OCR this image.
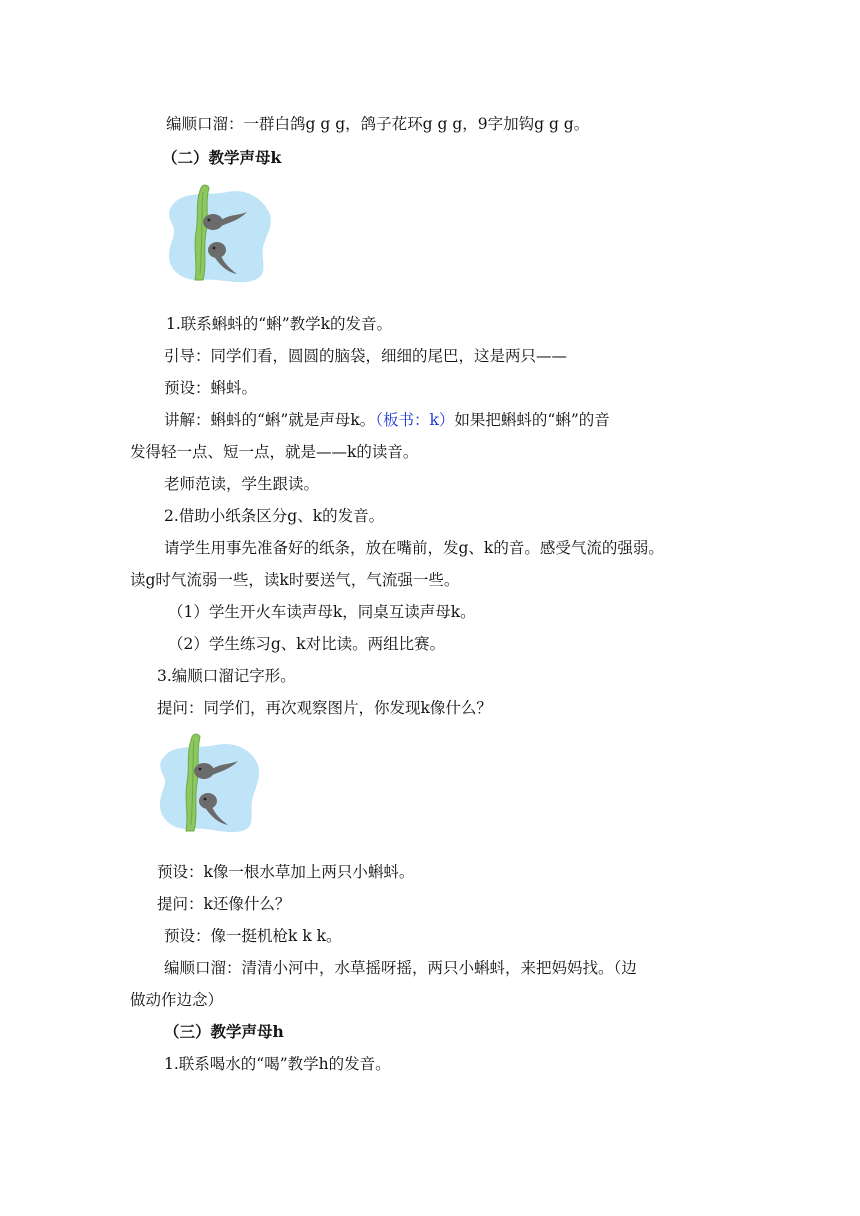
编顺口溜：一群白鸽g g g，鸽子花环g g g，9字加钩g g g。
（二）教学声母k
1.联系蝌蚪的“蝌”教学k的发音。
引导：同学们看，圆圆的脑袋，细细的尾巴，这是两只——
预设：蝌蚪。
讲解：蝌蚪的“蝌”就是声母k。（板书：k）如果把蝌蚪的“蝌”的音
发得轻一点、短一点，就是——k的读音。
老师范读，学生跟读。
2.借助小纸条区分g、k的发音。
请学生用事先准备好的纸条，放在嘴前，发g、k的音。感受气流的强弱。
读g时气流弱一些，读k时要送气，气流强一些。
（1）学生开火车读声母k，同桌互读声母k。
（2）学生练习g、k对比读。两组比赛。
3.编顺口溜记字形。
提问：同学们，再次观察图片，你发现k像什么？
预设：k像一根水草加上两只小蝌蚪。
提问：k还像什么？
预设：像一挺机枪k k k。
编顺口溜：清清小河中，水草摇呀摇，两只小蝌蚪，来把妈妈找。（边
做动作边念）
（三）教学声母h
1.联系喝水的“喝”教学h的发音。
